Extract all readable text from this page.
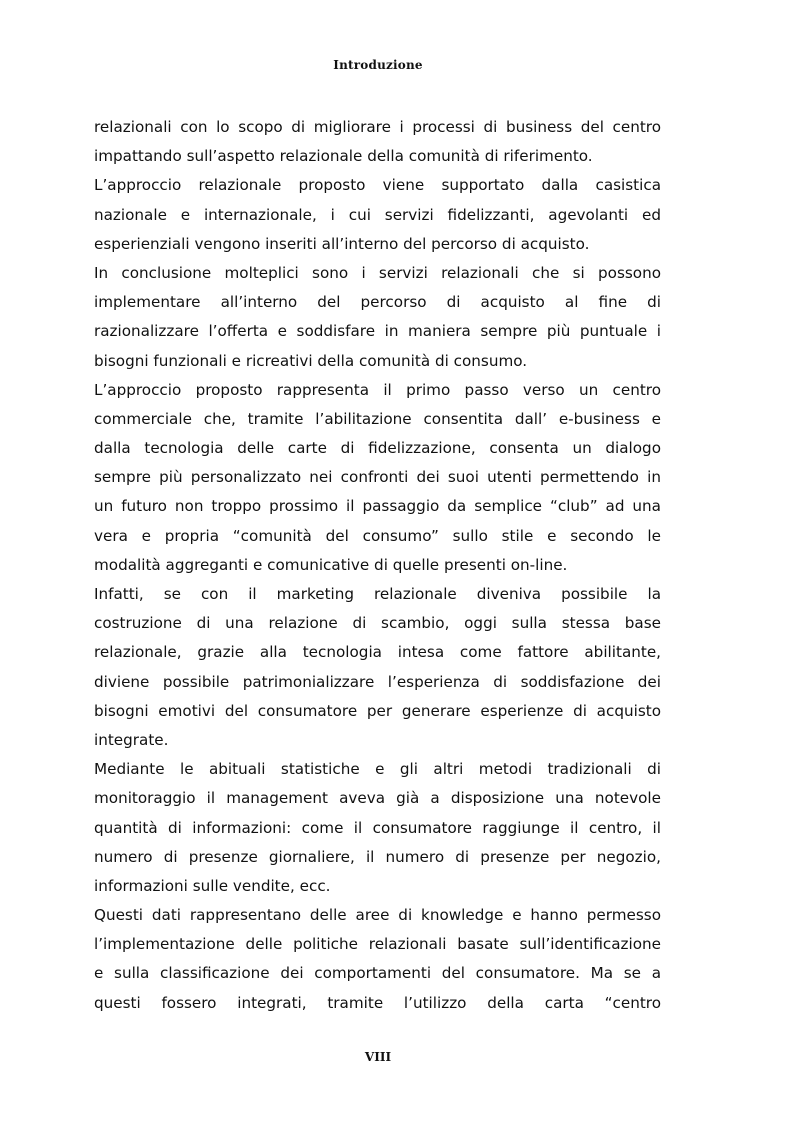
Introduzione
relazionali con lo scopo di migliorare i processi di business del centro
impattando sull’aspetto relazionale della comunità di riferimento.
L’approccio relazionale proposto viene supportato dalla casistica
nazionale e internazionale, i cui servizi fidelizzanti, agevolanti ed
esperienziali vengono inseriti all’interno del percorso di acquisto.
In conclusione molteplici sono i servizi relazionali che si possono
implementare all’interno del percorso di acquisto al fine di
razionalizzare l’offerta e soddisfare in maniera sempre più puntuale i
bisogni funzionali e ricreativi della comunità di consumo.
L’approccio proposto rappresenta il primo passo verso un centro
commerciale che, tramite l’abilitazione consentita dall’ e-business e
dalla tecnologia delle carte di fidelizzazione, consenta un dialogo
sempre più personalizzato nei confronti dei suoi utenti permettendo in
un futuro non troppo prossimo il passaggio da semplice “club” ad una
vera e propria “comunità del consumo” sullo stile e secondo le
modalità aggreganti e comunicative di quelle presenti on-line.
Infatti, se con il marketing relazionale diveniva possibile la
costruzione di una relazione di scambio, oggi sulla stessa base
relazionale, grazie alla tecnologia intesa come fattore abilitante,
diviene possibile patrimonializzare l’esperienza di soddisfazione dei
bisogni emotivi del consumatore per generare esperienze di acquisto
integrate.
Mediante le abituali statistiche e gli altri metodi tradizionali di
monitoraggio il management aveva già a disposizione una notevole
quantità di informazioni: come il consumatore raggiunge il centro, il
numero di presenze giornaliere, il numero di presenze per negozio,
informazioni sulle vendite, ecc.
Questi dati rappresentano delle aree di knowledge e hanno permesso
l’implementazione delle politiche relazionali basate sull’identificazione
e sulla classificazione dei comportamenti del consumatore. Ma se a
questi fossero integrati, tramite l’utilizzo della carta “centro
VIII
